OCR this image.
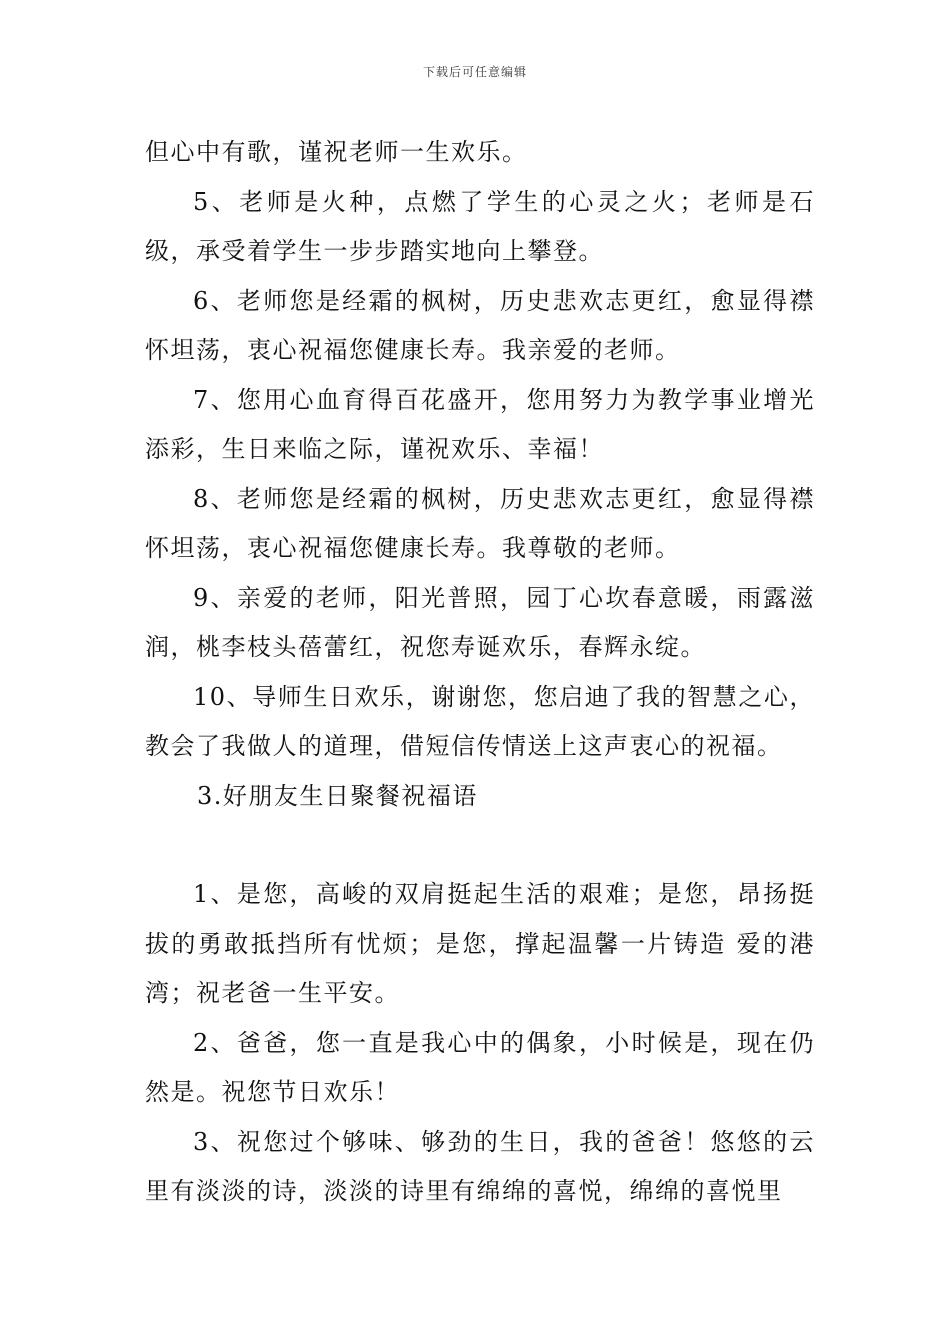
下载后可任意编辑

但心中有歌，谨祝老师一生欢乐。

5、老师是火种，点燃了学生的心灵之火；老师是石级，承受着学生一步步踏实地向上攀登。

6、老师您是经霜的枫树，历史悲欢志更红，愈显得襟怀坦荡，衷心祝福您健康长寿。我亲爱的老师。

7、您用心血育得百花盛开，您用努力为教学事业增光添彩，生日来临之际，谨祝欢乐、幸福！

8、老师您是经霜的枫树，历史悲欢志更红，愈显得襟怀坦荡，衷心祝福您健康长寿。我尊敬的老师。

9、亲爱的老师，阳光普照，园丁心坎春意暖，雨露滋润，桃李枝头蓓蕾红，祝您寿诞欢乐，春辉永绽。

10、导师生日欢乐，谢谢您，您启迪了我的智慧之心，教会了我做人的道理，借短信传情送上这声衷心的祝福。

3.好朋友生日聚餐祝福语

1、是您，高峻的双肩挺起生活的艰难；是您，昂扬挺拔的勇敢抵挡所有忧烦；是您，撑起温馨一片铸造 爱的港湾；祝老爸一生平安。

2、爸爸，您一直是我心中的偶象，小时候是，现在仍然是。祝您节日欢乐！

3、祝您过个够味、够劲的生日，我的爸爸！悠悠的云里有淡淡的诗，淡淡的诗里有绵绵的喜悦，绵绵的喜悦里
